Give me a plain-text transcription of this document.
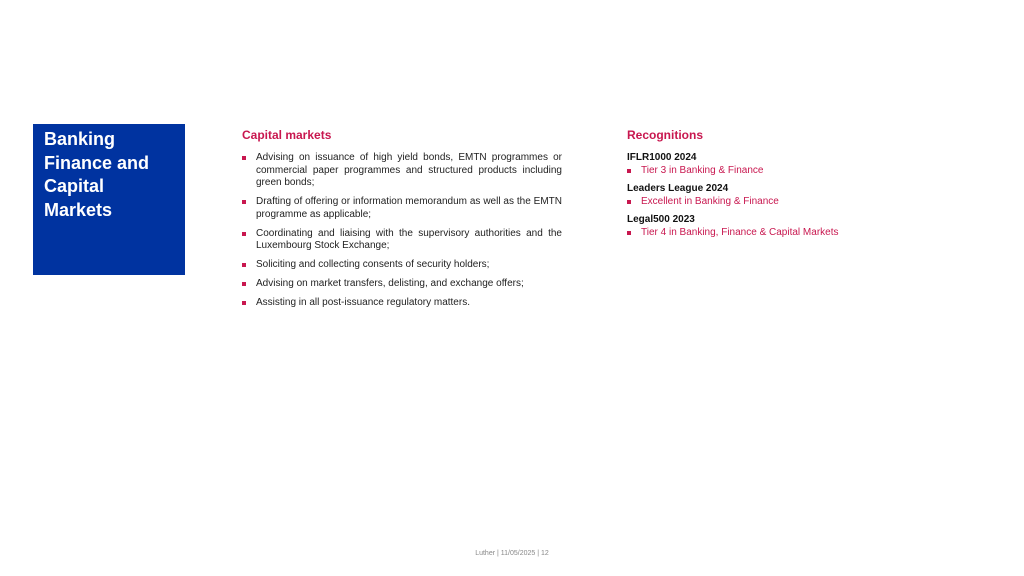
Banking
Finance and
Capital
Markets
Capital markets
Advising on issuance of high yield bonds, EMTN programmes or commercial paper programmes and structured products including green bonds;
Drafting of offering or information memorandum as well as the EMTN programme as applicable;
Coordinating and liaising with the supervisory authorities and the Luxembourg Stock Exchange;
Soliciting and collecting consents of security holders;
Advising on market transfers, delisting, and exchange offers;
Assisting in all post-issuance regulatory matters.
Recognitions
IFLR1000 2024
Tier 3 in Banking & Finance
Leaders League 2024
Excellent in Banking & Finance
Legal500 2023
Tier 4 in Banking, Finance & Capital Markets
Luther | 11/05/2025 | 12
